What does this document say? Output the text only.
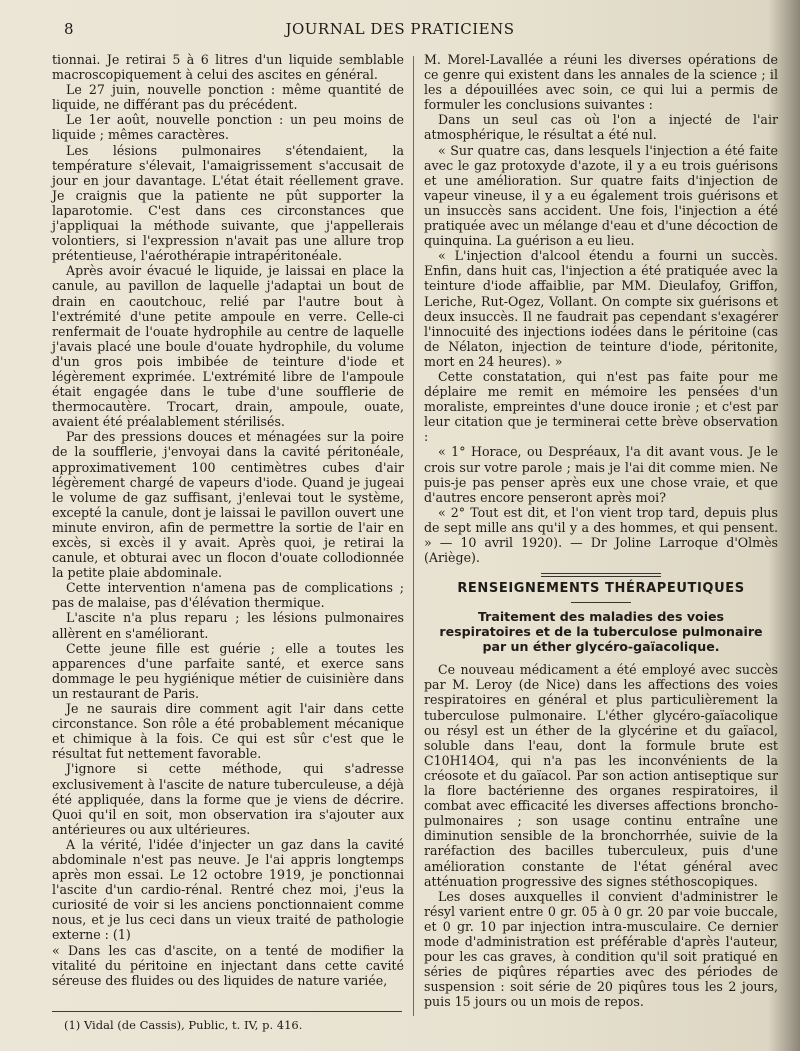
8	JOURNAL DES PRATICIENS

tionnai. Je retirai 5 à 6 litres d'un liquide semblable macroscopiquement à celui des ascites en général.

Le 27 juin, nouvelle ponction : même quantité de liquide, ne différant pas du précédent.

Le 1er août, nouvelle ponction : un peu moins de liquide ; mêmes caractères.

Les lésions pulmonaires s'étendaient, la température s'élevait, l'amaigrissement s'accusait de jour en jour davantage. L'état était réellement grave. Je craignis que la patiente ne pût supporter la laparotomie. C'est dans ces circonstances que j'appliquai la méthode suivante, que j'appellerais volontiers, si l'expression n'avait pas une allure trop prétentieuse, l'aérothérapie intrapéritonéale.

Après avoir évacué le liquide, je laissai en place la canule, au pavillon de laquelle j'adaptai un bout de drain en caoutchouc, relié par l'autre bout à l'extrémité d'une petite ampoule en verre. Celle-ci renfermait de l'ouate hydrophile au centre de laquelle j'avais placé une boule d'ouate hydrophile, du volume d'un gros pois imbibée de teinture d'iode et légèrement exprimée. L'extrémité libre de l'ampoule était engagée dans le tube d'une soufflerie de thermocautère. Trocart, drain, ampoule, ouate, avaient été préalablement stérilisés.

Par des pressions douces et ménagées sur la poire de la soufflerie, j'envoyai dans la cavité péritonéale, approximativement 100 centimètres cubes d'air légèrement chargé de vapeurs d'iode. Quand je jugeai le volume de gaz suffisant, j'enlevai tout le système, excepté la canule, dont je laissai le pavillon ouvert une minute environ, afin de permettre la sortie de l'air en excès, si excès il y avait. Après quoi, je retirai la canule, et obturai avec un flocon d'ouate collodionnée la petite plaie abdominale.

Cette intervention n'amena pas de complications ; pas de malaise, pas d'élévation thermique.

L'ascite n'a plus reparu ; les lésions pulmonaires allèrent en s'améliorant.

Cette jeune fille est guérie ; elle a toutes les apparences d'une parfaite santé, et exerce sans dommage le peu hygiénique métier de cuisinière dans un restaurant de Paris.

Je ne saurais dire comment agit l'air dans cette circonstance. Son rôle a été probablement mécanique et chimique à la fois. Ce qui est sûr c'est que le résultat fut nettement favorable.

J'ignore si cette méthode, qui s'adresse exclusivement à l'ascite de nature tuberculeuse, a déjà été appliquée, dans la forme que je viens de décrire. Quoi qu'il en soit, mon observation ira s'ajouter aux antérieures ou aux ultérieures.

A la vérité, l'idée d'injecter un gaz dans la cavité abdominale n'est pas neuve. Je l'ai appris longtemps après mon essai. Le 12 octobre 1919, je ponctionnai l'ascite d'un cardio-rénal. Rentré chez moi, j'eus la curiosité de voir si les anciens ponctionnaient comme nous, et je lus ceci dans un vieux traité de pathologie externe : (1)

« Dans les cas d'ascite, on a tenté de modifier la vitalité du péritoine en injectant dans cette cavité séreuse des fluides ou des liquides de nature variée,

(1) Vidal (de Cassis), Public, t. IV, p. 416.

M. Morel-Lavallée a réuni les diverses opérations de ce genre qui existent dans les annales de la science ; il les a dépouillées avec soin, ce qui lui a permis de formuler les conclusions suivantes :

Dans un seul cas où l'on a injecté de l'air atmosphérique, le résultat a été nul.

« Sur quatre cas, dans lesquels l'injection a été faite avec le gaz protoxyde d'azote, il y a eu trois guérisons et une amélioration. Sur quatre faits d'injection de vapeur vineuse, il y a eu également trois guérisons et un insuccès sans accident. Une fois, l'injection a été pratiquée avec un mélange d'eau et d'une décoction de quinquina. La guérison a eu lieu.

« L'injection d'alcool étendu a fourni un succès. Enfin, dans huit cas, l'injection a été pratiquée avec la teinture d'iode affaiblie, par MM. Dieulafoy, Griffon, Leriche, Rut-Ogez, Vollant. On compte six guérisons et deux insuccès. Il ne faudrait pas cependant s'exagérer l'innocuité des injections iodées dans le péritoine (cas de Nélaton, injection de teinture d'iode, péritonite, mort en 24 heures). »

Cette constatation, qui n'est pas faite pour me déplaire me remit en mémoire les pensées d'un moraliste, empreintes d'une douce ironie ; et c'est par leur citation que je terminerai cette brève observation :

« 1° Horace, ou Despréaux, l'a dit avant vous. Je le crois sur votre parole ; mais je l'ai dit comme mien. Ne puis-je pas penser après eux une chose vraie, et que d'autres encore penseront après moi?

« 2° Tout est dit, et l'on vient trop tard, depuis plus de sept mille ans qu'il y a des hommes, et qui pensent. » — 10 avril 1920). — Dr Joline Larroque d'Olmès (Ariège).

RENSEIGNEMENTS THÉRAPEUTIQUES
Traitement des maladies des voies respiratoires et de la tuberculose pulmonaire par un éther glycéro-gaïacolique.

Ce nouveau médicament a été employé avec succès par M. Leroy (de Nice) dans les affections des voies respiratoires en général et plus particulièrement la tuberculose pulmonaire. L'éther glycéro-gaïacolique ou résyl est un éther de la glycérine et du gaïacol, soluble dans l'eau, dont la formule brute est C10H14O4, qui n'a pas les inconvénients de la créosote et du gaïacol. Par son action antiseptique sur la flore bactérienne des organes respiratoires, il combat avec efficacité les diverses affections broncho-pulmonaires ; son usage continu entraîne une diminution sensible de la bronchorrhée, suivie de la raréfaction des bacilles tuberculeux, puis d'une amélioration constante de l'état général avec atténuation progressive des signes stéthoscopiques.

Les doses auxquelles il convient d'administrer le résyl varient entre 0 gr. 05 à 0 gr. 20 par voie buccale, et 0 gr. 10 par injection intra-musculaire. Ce dernier mode d'administration est préférable d'après l'auteur, pour les cas graves, à condition qu'il soit pratiqué en séries de piqûres réparties avec des périodes de suspension : soit série de 20 piqûres tous les 2 jours, puis 15 jours ou un mois de repos.
